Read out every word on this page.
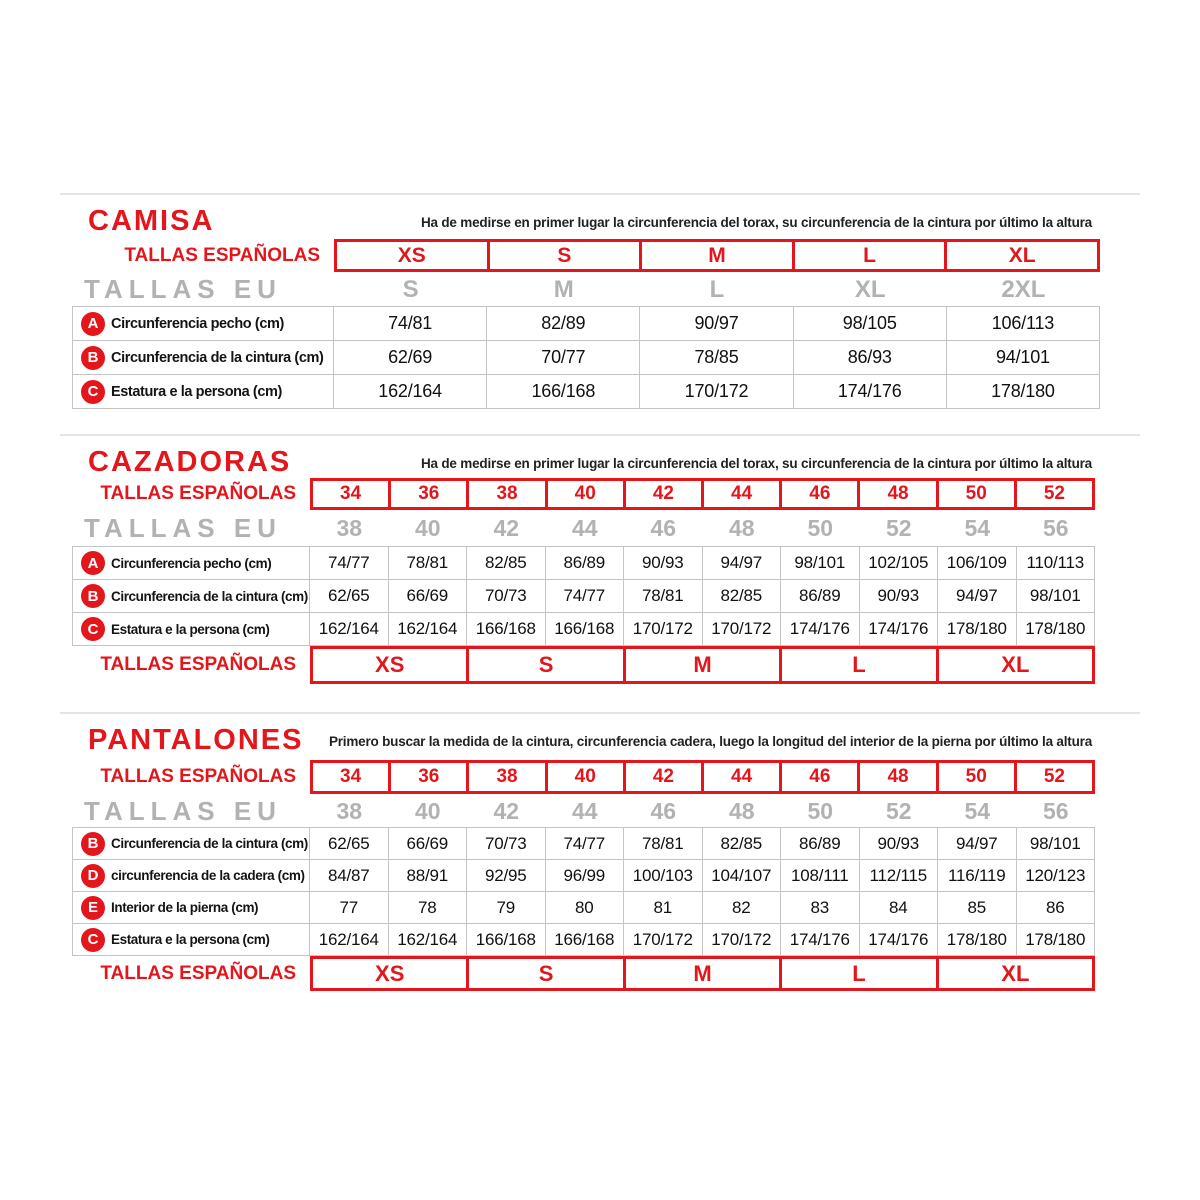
CAMISA	Ha de medirse en primer lugar la circunferencia del torax, su circunferencia de la cintura por último la altura
TALLAS ESPAÑOLAS	XS	S	M	L	XL
TALLAS EU	S	M	L	XL	2XL
A Circunferencia pecho (cm)	74/81	82/89	90/97	98/105	106/113
B Circunferencia de la cintura (cm)	62/69	70/77	78/85	86/93	94/101
C Estatura e la persona (cm)	162/164	166/168	170/172	174/176	178/180
CAZADORAS	Ha de medirse en primer lugar la circunferencia del torax, su circunferencia de la cintura por último la altura
TALLAS ESPAÑOLAS	34	36	38	40	42	44	46	48	50	52
TALLAS EU	38	40	42	44	46	48	50	52	54	56
A Circunferencia pecho (cm)	74/77	78/81	82/85	86/89	90/93	94/97	98/101	102/105	106/109	110/113
B Circunferencia de la cintura (cm)	62/65	66/69	70/73	74/77	78/81	82/85	86/89	90/93	94/97	98/101
C Estatura e la persona (cm)	162/164	162/164	166/168	166/168	170/172	170/172	174/176	174/176	178/180	178/180
TALLAS ESPAÑOLAS	XS	S	M	L	XL
PANTALONES Primero buscar la medida de la cintura, circunferencia cadera, luego la longitud del interior de la pierna por último la altura
TALLAS ESPAÑOLAS	34	36	38	40	42	44	46	48	50	52
TALLAS EU	38	40	42	44	46	48	50	52	54	56
B Circunferencia de la cintura (cm)	62/65	66/69	70/73	74/77	78/81	82/85	86/89	90/93	94/97	98/101
D circunferencia de la cadera (cm)	84/87	88/91	92/95	96/99	100/103	104/107	108/111	112/115	116/119	120/123
E Interior de la pierna (cm)	77	78	79	80	81	82	83	84	85	86
C Estatura e la persona (cm)	162/164	162/164	166/168	166/168	170/172	170/172	174/176	174/176	178/180	178/180
TALLAS ESPAÑOLAS	XS	S	M	L	XL
